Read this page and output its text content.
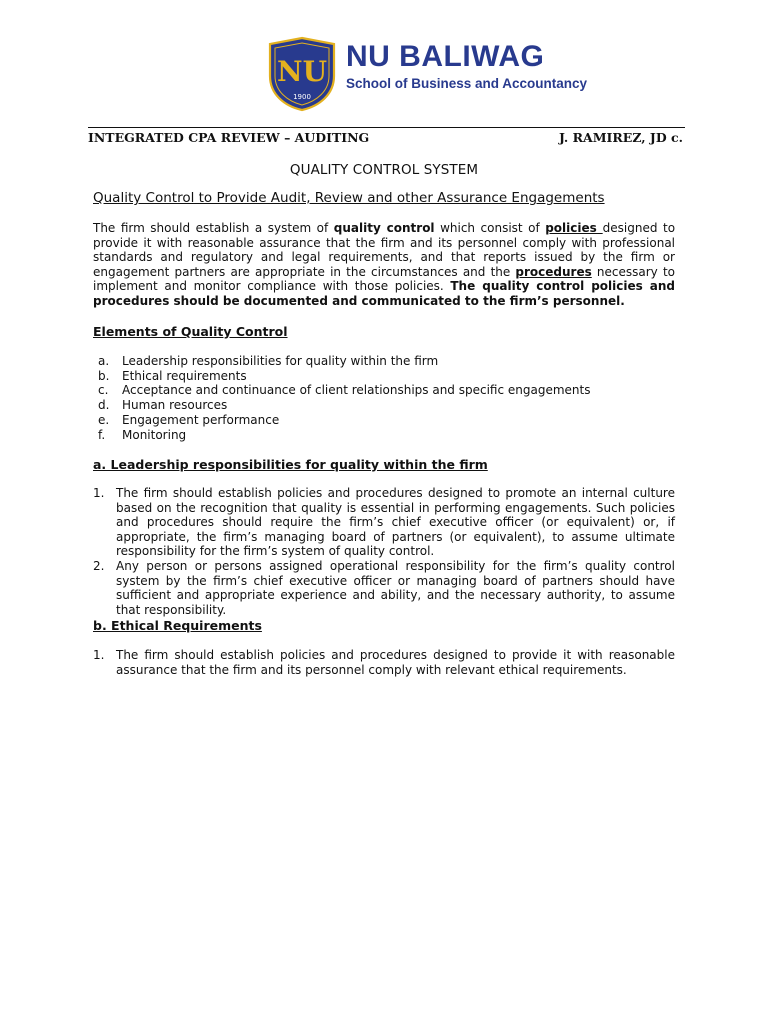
NU
1900
NU BALIWAG
School of Business and Accountancy
INTEGRATED CPA REVIEW – AUDITING	J. RAMIREZ, JD c.
QUALITY CONTROL SYSTEM
Quality Control to Provide Audit, Review and other Assurance Engagements
The firm should establish a system of quality control which consist of policies designed to provide it with reasonable assurance that the firm and its personnel comply with professional standards and regulatory and legal requirements, and that reports issued by the firm or engagement partners are appropriate in the circumstances and the procedures necessary to implement and monitor compliance with those policies. The quality control policies and procedures should be documented and communicated to the firm’s personnel.
Elements of Quality Control
a. Leadership responsibilities for quality within the firm
b. Ethical requirements
c. Acceptance and continuance of client relationships and specific engagements
d. Human resources
e. Engagement performance
f. Monitoring
a. Leadership responsibilities for quality within the firm
1. The firm should establish policies and procedures designed to promote an internal culture based on the recognition that quality is essential in performing engagements. Such policies and procedures should require the firm’s chief executive officer (or equivalent) or, if appropriate, the firm’s managing board of partners (or equivalent), to assume ultimate responsibility for the firm’s system of quality control.
2. Any person or persons assigned operational responsibility for the firm’s quality control system by the firm’s chief executive officer or managing board of partners should have sufficient and appropriate experience and ability, and the necessary authority, to assume that responsibility.
b. Ethical Requirements
1. The firm should establish policies and procedures designed to provide it with reasonable assurance that the firm and its personnel comply with relevant ethical requirements.
